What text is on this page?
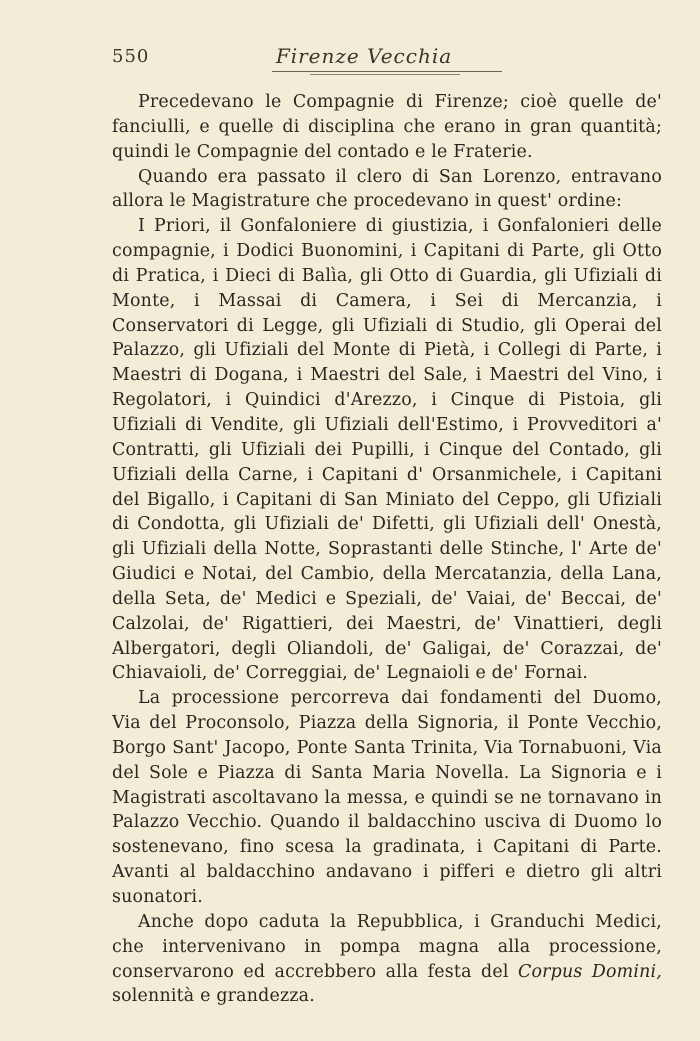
550	Firenze Vecchia

Precedevano le Compagnie di Firenze; cioè quelle de' fanciulli, e quelle di disciplina che erano in gran quantità; quindi le Compagnie del contado e le Fraterie.

Quando era passato il clero di San Lorenzo, entravano allora le Magistrature che procedevano in quest' ordine:

I Priori, il Gonfaloniere di giustizia, i Gonfalonieri delle compagnie, i Dodici Buonomini, i Capitani di Parte, gli Otto di Pratica, i Dieci di Balìa, gli Otto di Guardia, gli Ufiziali di Monte, i Massai di Camera, i Sei di Mercanzia, i Conservatori di Legge, gli Ufiziali di Studio, gli Operai del Palazzo, gli Ufiziali del Monte di Pietà, i Collegi di Parte, i Maestri di Dogana, i Maestri del Sale, i Maestri del Vino, i Regolatori, i Quindici d'Arezzo, i Cinque di Pistoia, gli Ufiziali di Vendite, gli Ufiziali dell'Estimo, i Provveditori a' Contratti, gli Ufiziali dei Pupilli, i Cinque del Contado, gli Ufiziali della Carne, i Capitani d' Orsanmichele, i Capitani del Bigallo, i Capitani di San Miniato del Ceppo, gli Ufiziali di Condotta, gli Ufiziali de' Difetti, gli Ufiziali dell' Onestà, gli Ufiziali della Notte, Soprastanti delle Stinche, l' Arte de' Giudici e Notai, del Cambio, della Mercatanzia, della Lana, della Seta, de' Medici e Speziali, de' Vaiai, de' Beccai, de' Calzolai, de' Rigattieri, dei Maestri, de' Vinattieri, degli Albergatori, degli Oliandoli, de' Galigai, de' Corazzai, de' Chiavaioli, de' Correggiai, de' Legnaioli e de' Fornai.

La processione percorreva dai fondamenti del Duomo, Via del Proconsolo, Piazza della Signoria, il Ponte Vecchio, Borgo Sant' Jacopo, Ponte Santa Trinita, Via Tornabuoni, Via del Sole e Piazza di Santa Maria Novella. La Signoria e i Magistrati ascoltavano la messa, e quindi se ne tornavano in Palazzo Vecchio. Quando il baldacchino usciva di Duomo lo sostenevano, fino scesa la gradinata, i Capitani di Parte. Avanti al baldacchino andavano i pifferi e dietro gli altri suonatori.

Anche dopo caduta la Repubblica, i Granduchi Medici, che intervenivano in pompa magna alla processione, conservarono ed accrebbero alla festa del Corpus Domini, solennità e grandezza.
